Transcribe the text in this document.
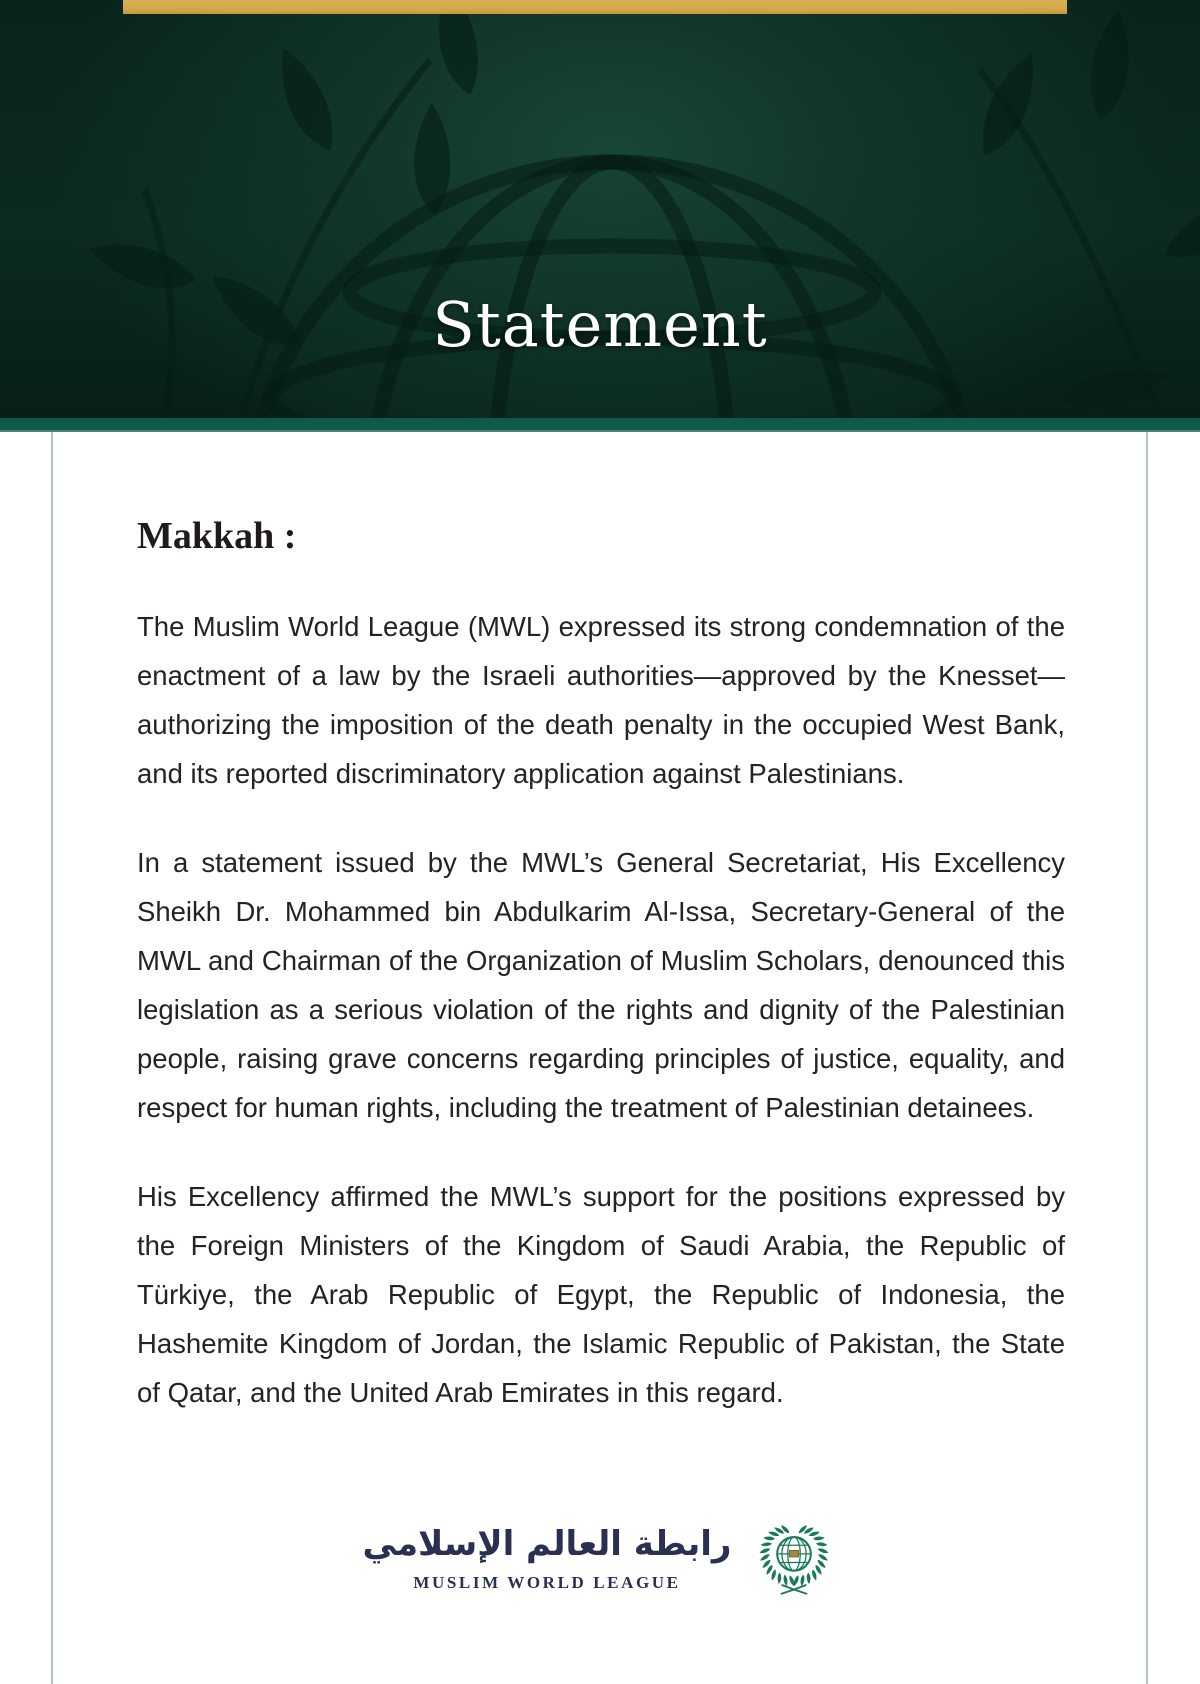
Statement
Makkah :

The Muslim World League (MWL) expressed its strong condemnation of the enactment of a law by the Israeli authorities—approved by the Knesset—authorizing the imposition of the death penalty in the occupied West Bank, and its reported discriminatory application against Palestinians.

In a statement issued by the MWL’s General Secretariat, His Excellency Sheikh Dr. Mohammed bin Abdulkarim Al-Issa, Secretary-General of the MWL and Chairman of the Organization of Muslim Scholars, denounced this legislation as a serious violation of the rights and dignity of the Palestinian people, raising grave concerns regarding principles of justice, equality, and respect for human rights, including the treatment of Palestinian detainees.

His Excellency affirmed the MWL’s support for the positions expressed by the Foreign Ministers of the Kingdom of Saudi Arabia, the Republic of Türkiye, the Arab Republic of Egypt, the Republic of Indonesia, the Hashemite Kingdom of Jordan, the Islamic Republic of Pakistan, the State of Qatar, and the United Arab Emirates in this regard.

رابطة العالم الإسلامي
MUSLIM WORLD LEAGUE
